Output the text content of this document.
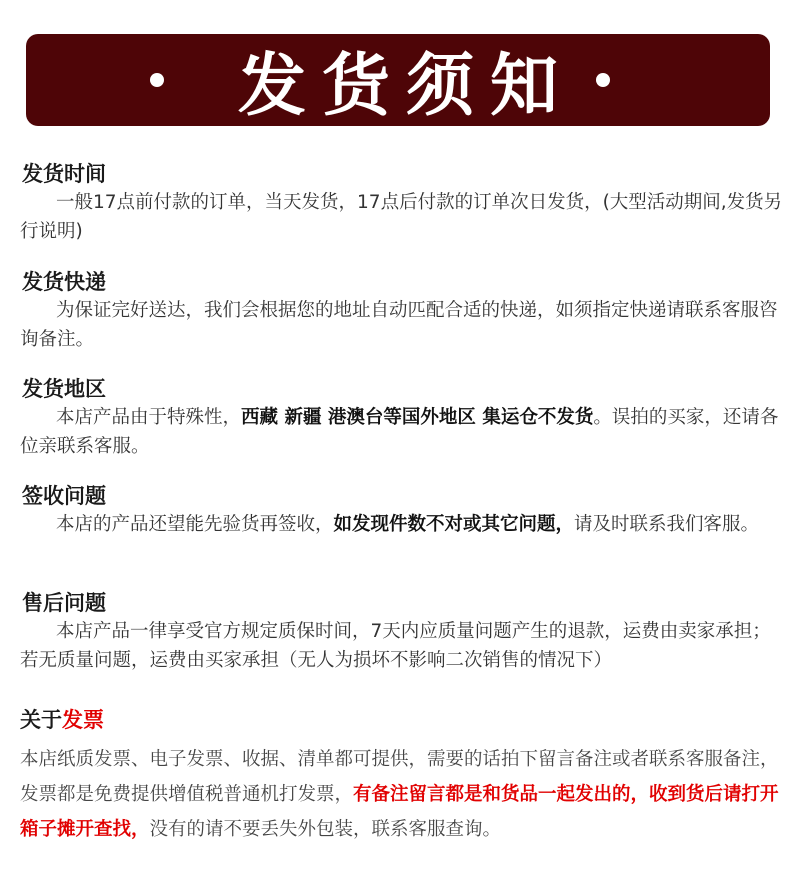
发货须知
发货时间
一般17点前付款的订单，当天发货，17点后付款的订单次日发货，(大型活动期间,发货另行说明)
发货快递
为保证完好送达，我们会根据您的地址自动匹配合适的快递，如须指定快递请联系客服咨询备注。
发货地区
本店产品由于特殊性，西藏 新疆 港澳台等国外地区 集运仓不发货。误拍的买家，还请各位亲联系客服。
签收问题
本店的产品还望能先验货再签收，如发现件数不对或其它问题，请及时联系我们客服。
售后问题
本店产品一律享受官方规定质保时间，7天内应质量问题产生的退款，运费由卖家承担；若无质量问题，运费由买家承担（无人为损坏不影响二次销售的情况下）
关于发票
本店纸质发票、电子发票、收据、清单都可提供，需要的话拍下留言备注或者联系客服备注，发票都是免费提供增值税普通机打发票，有备注留言都是和货品一起发出的，收到货后请打开箱子摊开查找，没有的请不要丢失外包装，联系客服查询。
